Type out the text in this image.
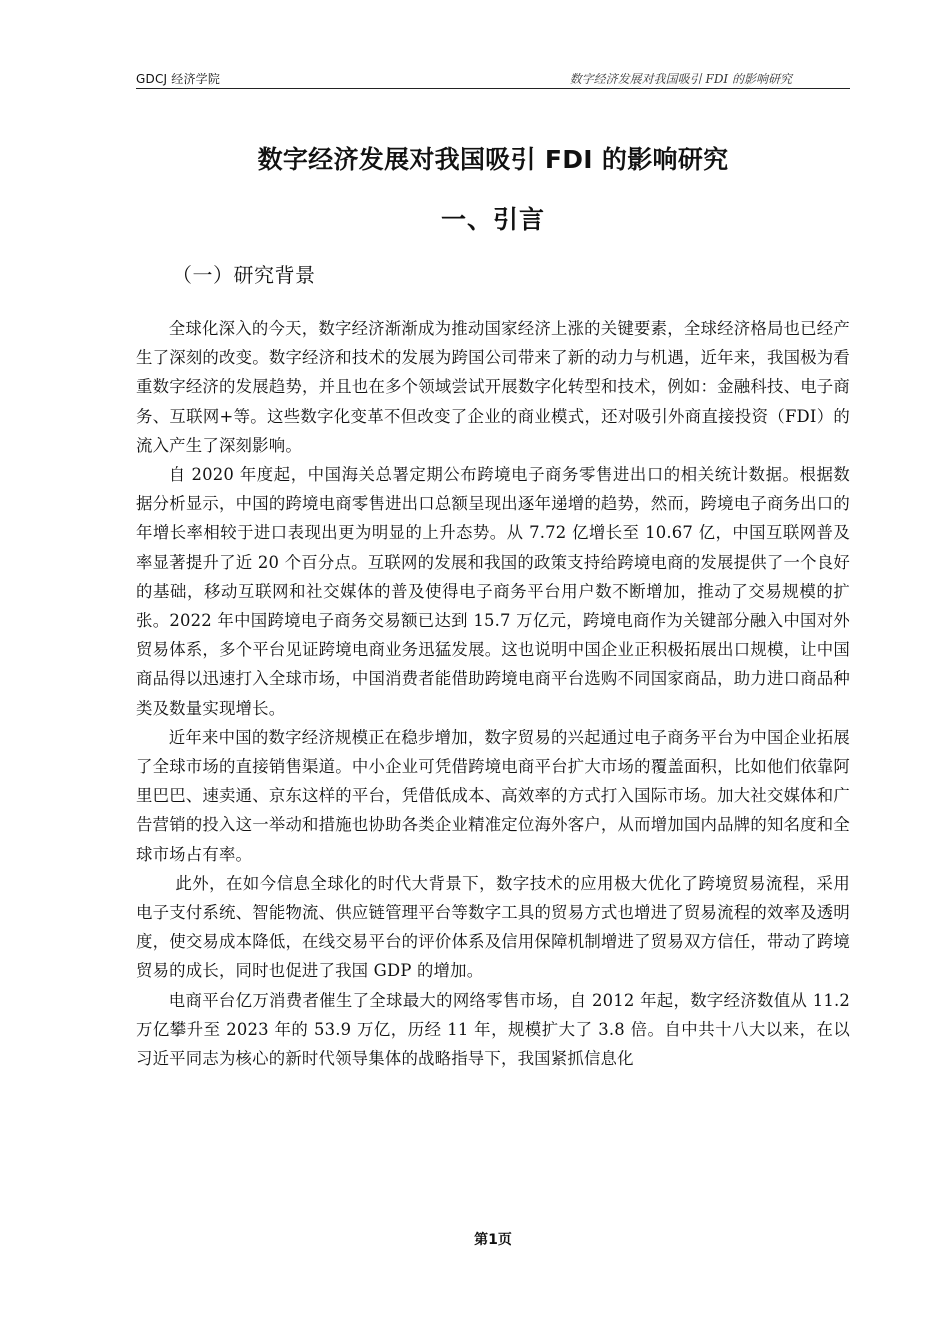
GDCJ 经济学院	数字经济发展对我国吸引 FDI 的影响研究
数字经济发展对我国吸引 FDI 的影响研究
一、引言
（一）研究背景

全球化深入的今天，数字经济渐渐成为推动国家经济上涨的关键要素，全球经济格局也已经产生了深刻的改变。数字经济和技术的发展为跨国公司带来了新的动力与机遇，近年来，我国极为看重数字经济的发展趋势，并且也在多个领域尝试开展数字化转型和技术，例如：金融科技、电子商务、互联网+等。这些数字化变革不但改变了企业的商业模式，还对吸引外商直接投资（FDI）的流入产生了深刻影响。

自 2020 年度起，中国海关总署定期公布跨境电子商务零售进出口的相关统计数据。根据数据分析显示，中国的跨境电商零售进出口总额呈现出逐年递增的趋势，然而，跨境电子商务出口的年增长率相较于进口表现出更为明显的上升态势。从 7.72 亿增长至 10.67 亿，中国互联网普及率显著提升了近 20 个百分点。互联网的发展和我国的政策支持给跨境电商的发展提供了一个良好的基础，移动互联网和社交媒体的普及使得电子商务平台用户数不断增加，推动了交易规模的扩张。2022 年中国跨境电子商务交易额已达到 15.7 万亿元，跨境电商作为关键部分融入中国对外贸易体系，多个平台见证跨境电商业务迅猛发展。这也说明中国企业正积极拓展出口规模，让中国商品得以迅速打入全球市场，中国消费者能借助跨境电商平台选购不同国家商品，助力进口商品种类及数量实现增长。

近年来中国的数字经济规模正在稳步增加，数字贸易的兴起通过电子商务平台为中国企业拓展了全球市场的直接销售渠道。中小企业可凭借跨境电商平台扩大市场的覆盖面积，比如他们依靠阿里巴巴、速卖通、京东这样的平台，凭借低成本、高效率的方式打入国际市场。加大社交媒体和广告营销的投入这一举动和措施也协助各类企业精准定位海外客户，从而增加国内品牌的知名度和全球市场占有率。

此外，在如今信息全球化的时代大背景下，数字技术的应用极大优化了跨境贸易流程，采用电子支付系统、智能物流、供应链管理平台等数字工具的贸易方式也增进了贸易流程的效率及透明度，使交易成本降低，在线交易平台的评价体系及信用保障机制增进了贸易双方信任，带动了跨境贸易的成长，同时也促进了我国 GDP 的增加。

电商平台亿万消费者催生了全球最大的网络零售市场，自 2012 年起，数字经济数值从 11.2 万亿攀升至 2023 年的 53.9 万亿，历经 11 年，规模扩大了 3.8 倍。自中共十八大以来，在以习近平同志为核心的新时代领导集体的战略指导下，我国紧抓信息化

第1页
